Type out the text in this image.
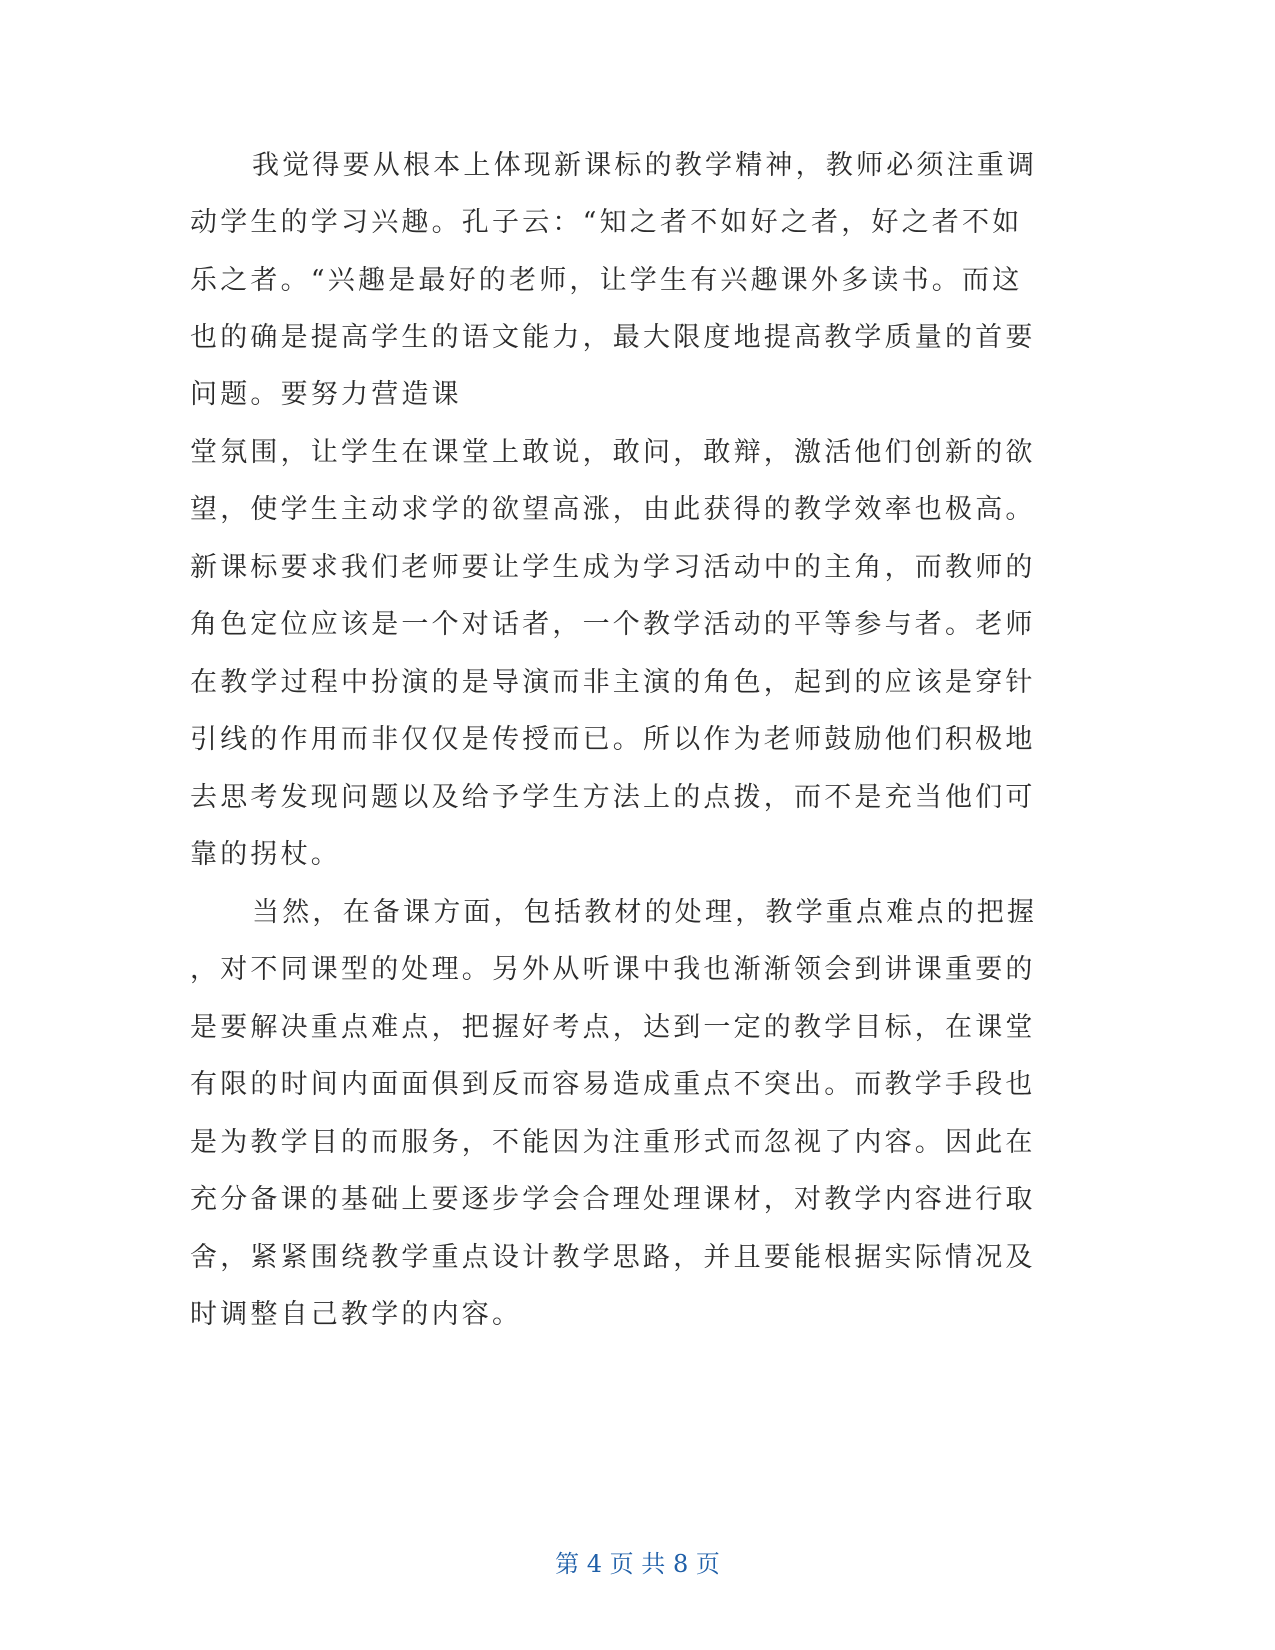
我觉得要从根本上体现新课标的教学精神，教师必须注重调
动学生的学习兴趣。孔子云：“知之者不如好之者，好之者不如
乐之者。“兴趣是最好的老师，让学生有兴趣课外多读书。而这
也的确是提高学生的语文能力，最大限度地提高教学质量的首要
问题。要努力营造课
堂氛围，让学生在课堂上敢说，敢问，敢辩，激活他们创新的欲
望，使学生主动求学的欲望高涨，由此获得的教学效率也极高。
新课标要求我们老师要让学生成为学习活动中的主角，而教师的
角色定位应该是一个对话者，一个教学活动的平等参与者。老师
在教学过程中扮演的是导演而非主演的角色，起到的应该是穿针
引线的作用而非仅仅是传授而已。所以作为老师鼓励他们积极地
去思考发现问题以及给予学生方法上的点拨，而不是充当他们可
靠的拐杖。
当然，在备课方面，包括教材的处理，教学重点难点的把握
，对不同课型的处理。另外从听课中我也渐渐领会到讲课重要的
是要解决重点难点，把握好考点，达到一定的教学目标，在课堂
有限的时间内面面俱到反而容易造成重点不突出。而教学手段也
是为教学目的而服务，不能因为注重形式而忽视了内容。因此在
充分备课的基础上要逐步学会合理处理课材，对教学内容进行取
舍，紧紧围绕教学重点设计教学思路，并且要能根据实际情况及
时调整自己教学的内容。
第 4 页 共 8 页
